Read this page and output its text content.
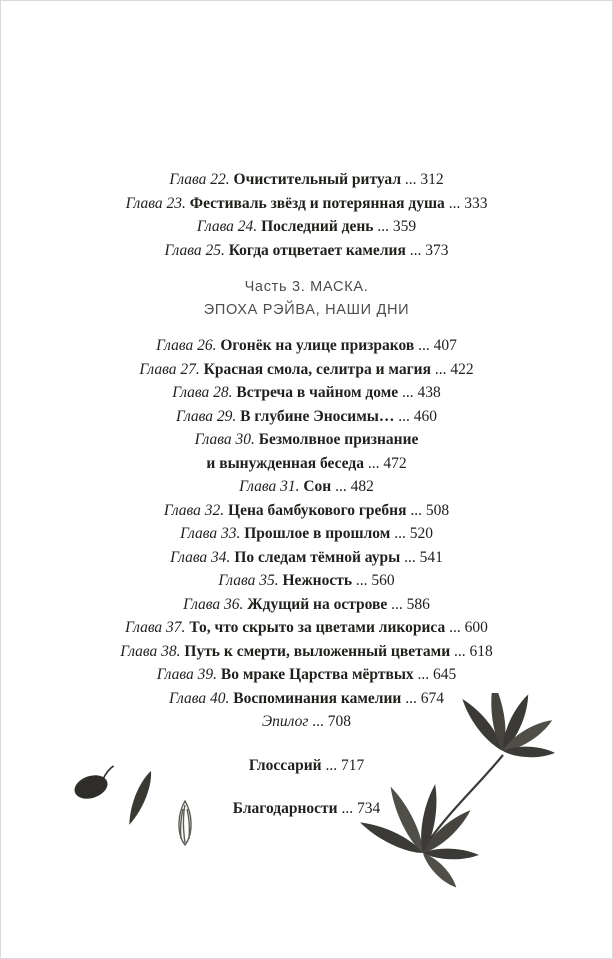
Глава 22. Очистительный ритуал ... 312
Глава 23. Фестиваль звёзд и потерянная душа ... 333
Глава 24. Последний день ... 359
Глава 25. Когда отцветает камелия ... 373
Часть 3. МАСКА.
ЭПОХА РЭЙВА, НАШИ ДНИ
Глава 26. Огонёк на улице призраков ... 407
Глава 27. Красная смола, селитра и магия ... 422
Глава 28. Встреча в чайном доме ... 438
Глава 29. В глубине Эносимы… ... 460
Глава 30. Безмолвное признание
и вынужденная беседа ... 472
Глава 31. Сон ... 482
Глава 32. Цена бамбукового гребня ... 508
Глава 33. Прошлое в прошлом ... 520
Глава 34. По следам тёмной ауры ... 541
Глава 35. Нежность ... 560
Глава 36. Ждущий на острове ... 586
Глава 37. То, что скрыто за цветами ликориса ... 600
Глава 38. Путь к смерти, выложенный цветами ... 618
Глава 39. Во мраке Царства мёртвых ... 645
Глава 40. Воспоминания камелии ... 674
Эпилог ... 708
Глоссарий ... 717
Благодарности ... 734
